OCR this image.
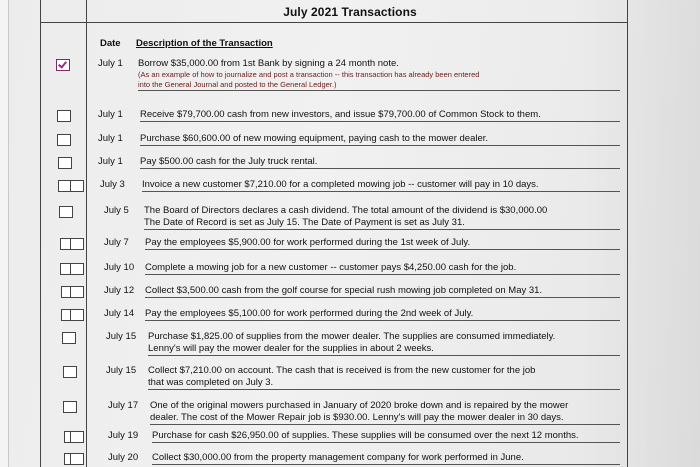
July 2021 Transactions
Date Description of the Transaction
July 1 Borrow $35,000.00 from 1st Bank by signing a 24 month note.
(As an example of how to journalize and post a transaction -- this transaction has already been entered
into the General Journal and posted to the General Ledger.)
July 1 Receive $79,700.00 cash from new investors, and issue $79,700.00 of Common Stock to them.
July 1 Purchase $60,600.00 of new mowing equipment, paying cash to the mower dealer.
July 1 Pay $500.00 cash for the July truck rental.
July 3 Invoice a new customer $7,210.00 for a completed mowing job -- customer will pay in 10 days.
July 5 The Board of Directors declares a cash dividend. The total amount of the dividend is $30,000.00
The Date of Record is set as July 15. The Date of Payment is set as July 31.
July 7 Pay the employees $5,900.00 for work performed during the 1st week of July.
July 10 Complete a mowing job for a new customer -- customer pays $4,250.00 cash for the job.
July 12 Collect $3,500.00 cash from the golf course for special rush mowing job completed on May 31.
July 14 Pay the employees $5,100.00 for work performed during the 2nd week of July.
July 15 Purchase $1,825.00 of supplies from the mower dealer. The supplies are consumed immediately.
Lenny's will pay the mower dealer for the supplies in about 2 weeks.
July 15 Collect $7,210.00 on account. The cash that is received is from the new customer for the job
that was completed on July 3.
July 17 One of the original mowers purchased in January of 2020 broke down and is repaired by the mower
dealer. The cost of the Mower Repair job is $930.00. Lenny's will pay the mower dealer in 30 days.
July 19 Purchase for cash $26,950.00 of supplies. These supplies will be consumed over the next 12 months.
July 20 Collect $30,000.00 from the property management company for work performed in June.
